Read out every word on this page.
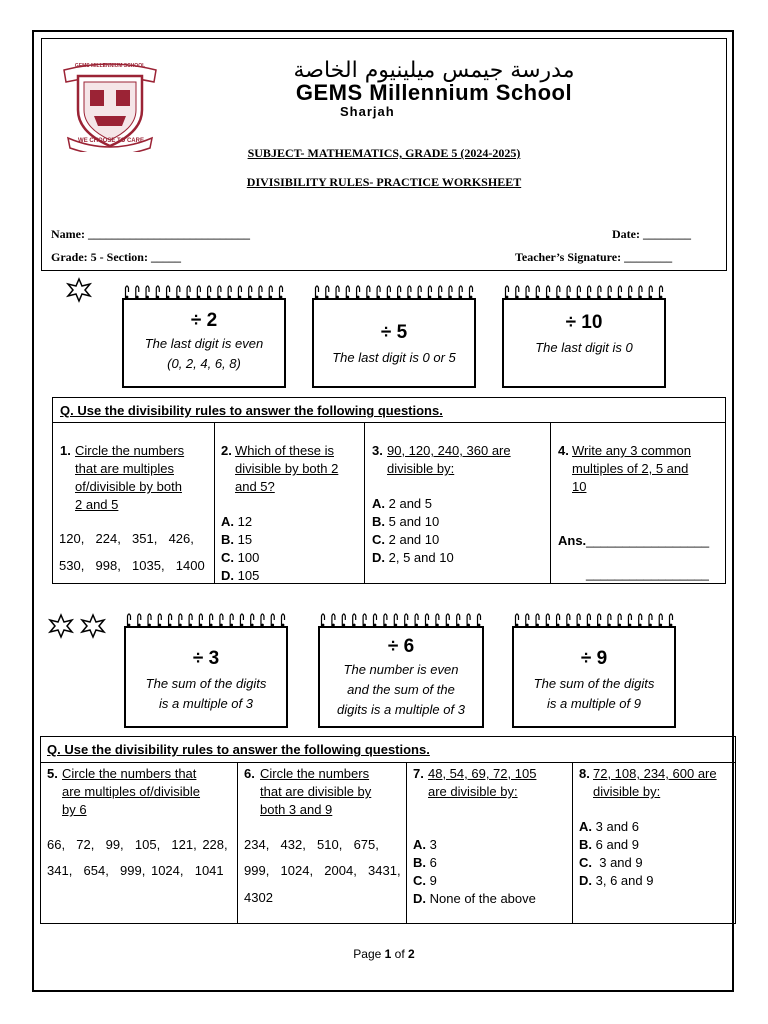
GEMS MILLENNIUM SCHOOL
WE CHOOSE TO CARE
مدرسة جيمس ميلينيوم الخاصة
GEMS Millennium School
Sharjah
SUBJECT- MATHEMATICS, GRADE 5 (2024-2025)
DIVISIBILITY RULES- PRACTICE WORKSHEET
Name: ___________________________	Date: ________
Grade: 5 - Section: _____	Teacher’s Signature: ________
÷ 2
The last digit is even
(0, 2, 4, 6, 8)
÷ 5
The last digit is 0 or 5
÷ 10
The last digit is 0
÷ 3
The sum of the digits
is a multiple of 3
÷ 6
The number is even
and the sum of the
digits is a multiple of 3
÷ 9
The sum of the digits
is a multiple of 9
Q. Use the divisibility rules to answer the following questions.
1. Circle the numbers
that are multiples
of/divisible by both
2 and 5
120,  224,  351,  426,
530,  998,  1035,  1400
2. Which of these is
divisible by both 2
and 5?
A. 12
B. 15
C. 100
D. 105
3. 90, 120, 240, 360 are
divisible by:
A. 2 and 5
B. 5 and 10
C. 2 and 10
D. 2, 5 and 10
4. Write any 3 common
multiples of 2, 5 and
10
Ans._________________
_________________
Q. Use the divisibility rules to answer the following questions.
5. Circle the numbers that
are multiples of/divisible
by 6
66,  72,  99,  105,  121, 228,
341,  654,  999, 1024,  1041
6. Circle the numbers
that are divisible by
both 3 and 9
234,  432,  510,  675,
999,  1024,  2004,  3431,
4302
7. 48, 54, 69, 72, 105
are divisible by:
A. 3
B. 6
C. 9
D. None of the above
8. 72, 108, 234, 600 are
divisible by:
A. 3 and 6
B. 6 and 9
C.  3 and 9
D. 3, 6 and 9
Page 1 of 2
